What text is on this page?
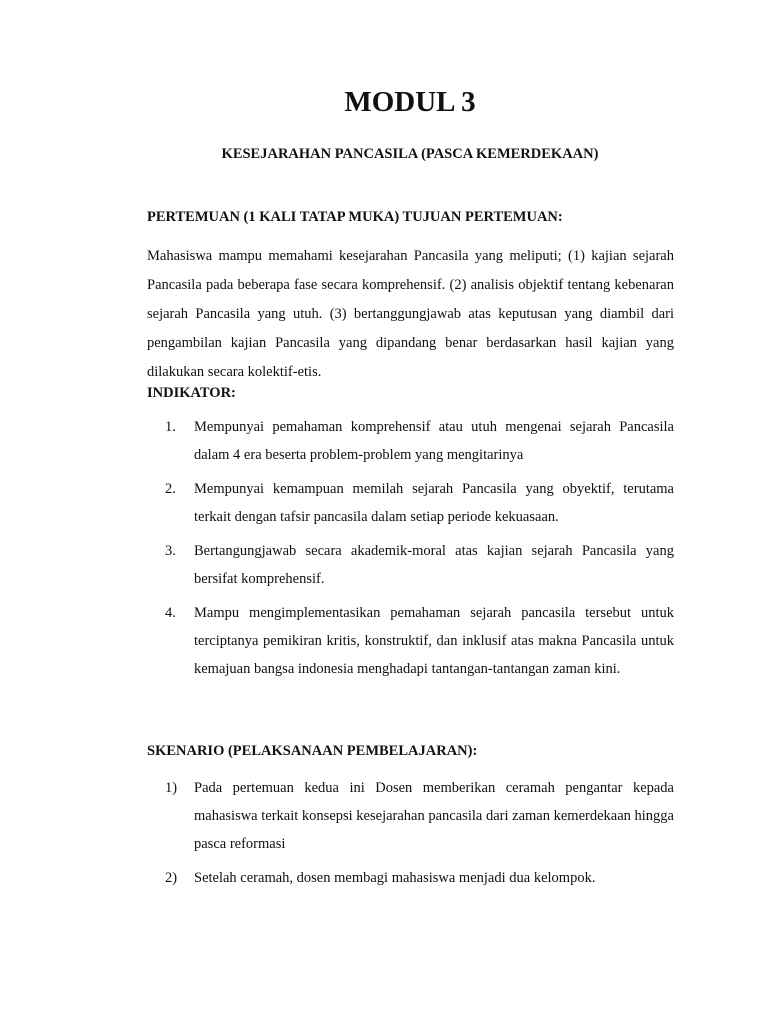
MODUL 3
KESEJARAHAN PANCASILA (PASCA KEMERDEKAAN)
PERTEMUAN (1 KALI TATAP MUKA) TUJUAN PERTEMUAN:

Mahasiswa mampu memahami kesejarahan Pancasila yang meliputi; (1) kajian sejarah Pancasila pada beberapa fase secara komprehensif. (2) analisis objektif tentang kebenaran sejarah Pancasila yang utuh. (3) bertanggungjawab atas keputusan yang diambil dari pengambilan kajian Pancasila yang dipandang benar berdasarkan hasil kajian yang dilakukan secara kolektif-etis.

INDIKATOR:
1. Mempunyai pemahaman komprehensif atau utuh mengenai sejarah Pancasila dalam 4 era beserta problem-problem yang mengitarinya
2. Mempunyai kemampuan memilah sejarah Pancasila yang obyektif, terutama terkait dengan tafsir pancasila dalam setiap periode kekuasaan.
3. Bertangungjawab secara akademik-moral atas kajian sejarah Pancasila yang bersifat komprehensif.
4. Mampu mengimplementasikan pemahaman sejarah pancasila tersebut untuk terciptanya pemikiran kritis, konstruktif, dan inklusif atas makna Pancasila untuk kemajuan bangsa indonesia menghadapi tantangan-tantangan zaman kini.
SKENARIO (PELAKSANAAN PEMBELAJARAN):
1) Pada pertemuan kedua ini Dosen memberikan ceramah pengantar kepada mahasiswa terkait konsepsi kesejarahan pancasila dari zaman kemerdekaan hingga pasca reformasi
2) Setelah ceramah, dosen membagi mahasiswa menjadi dua kelompok.
